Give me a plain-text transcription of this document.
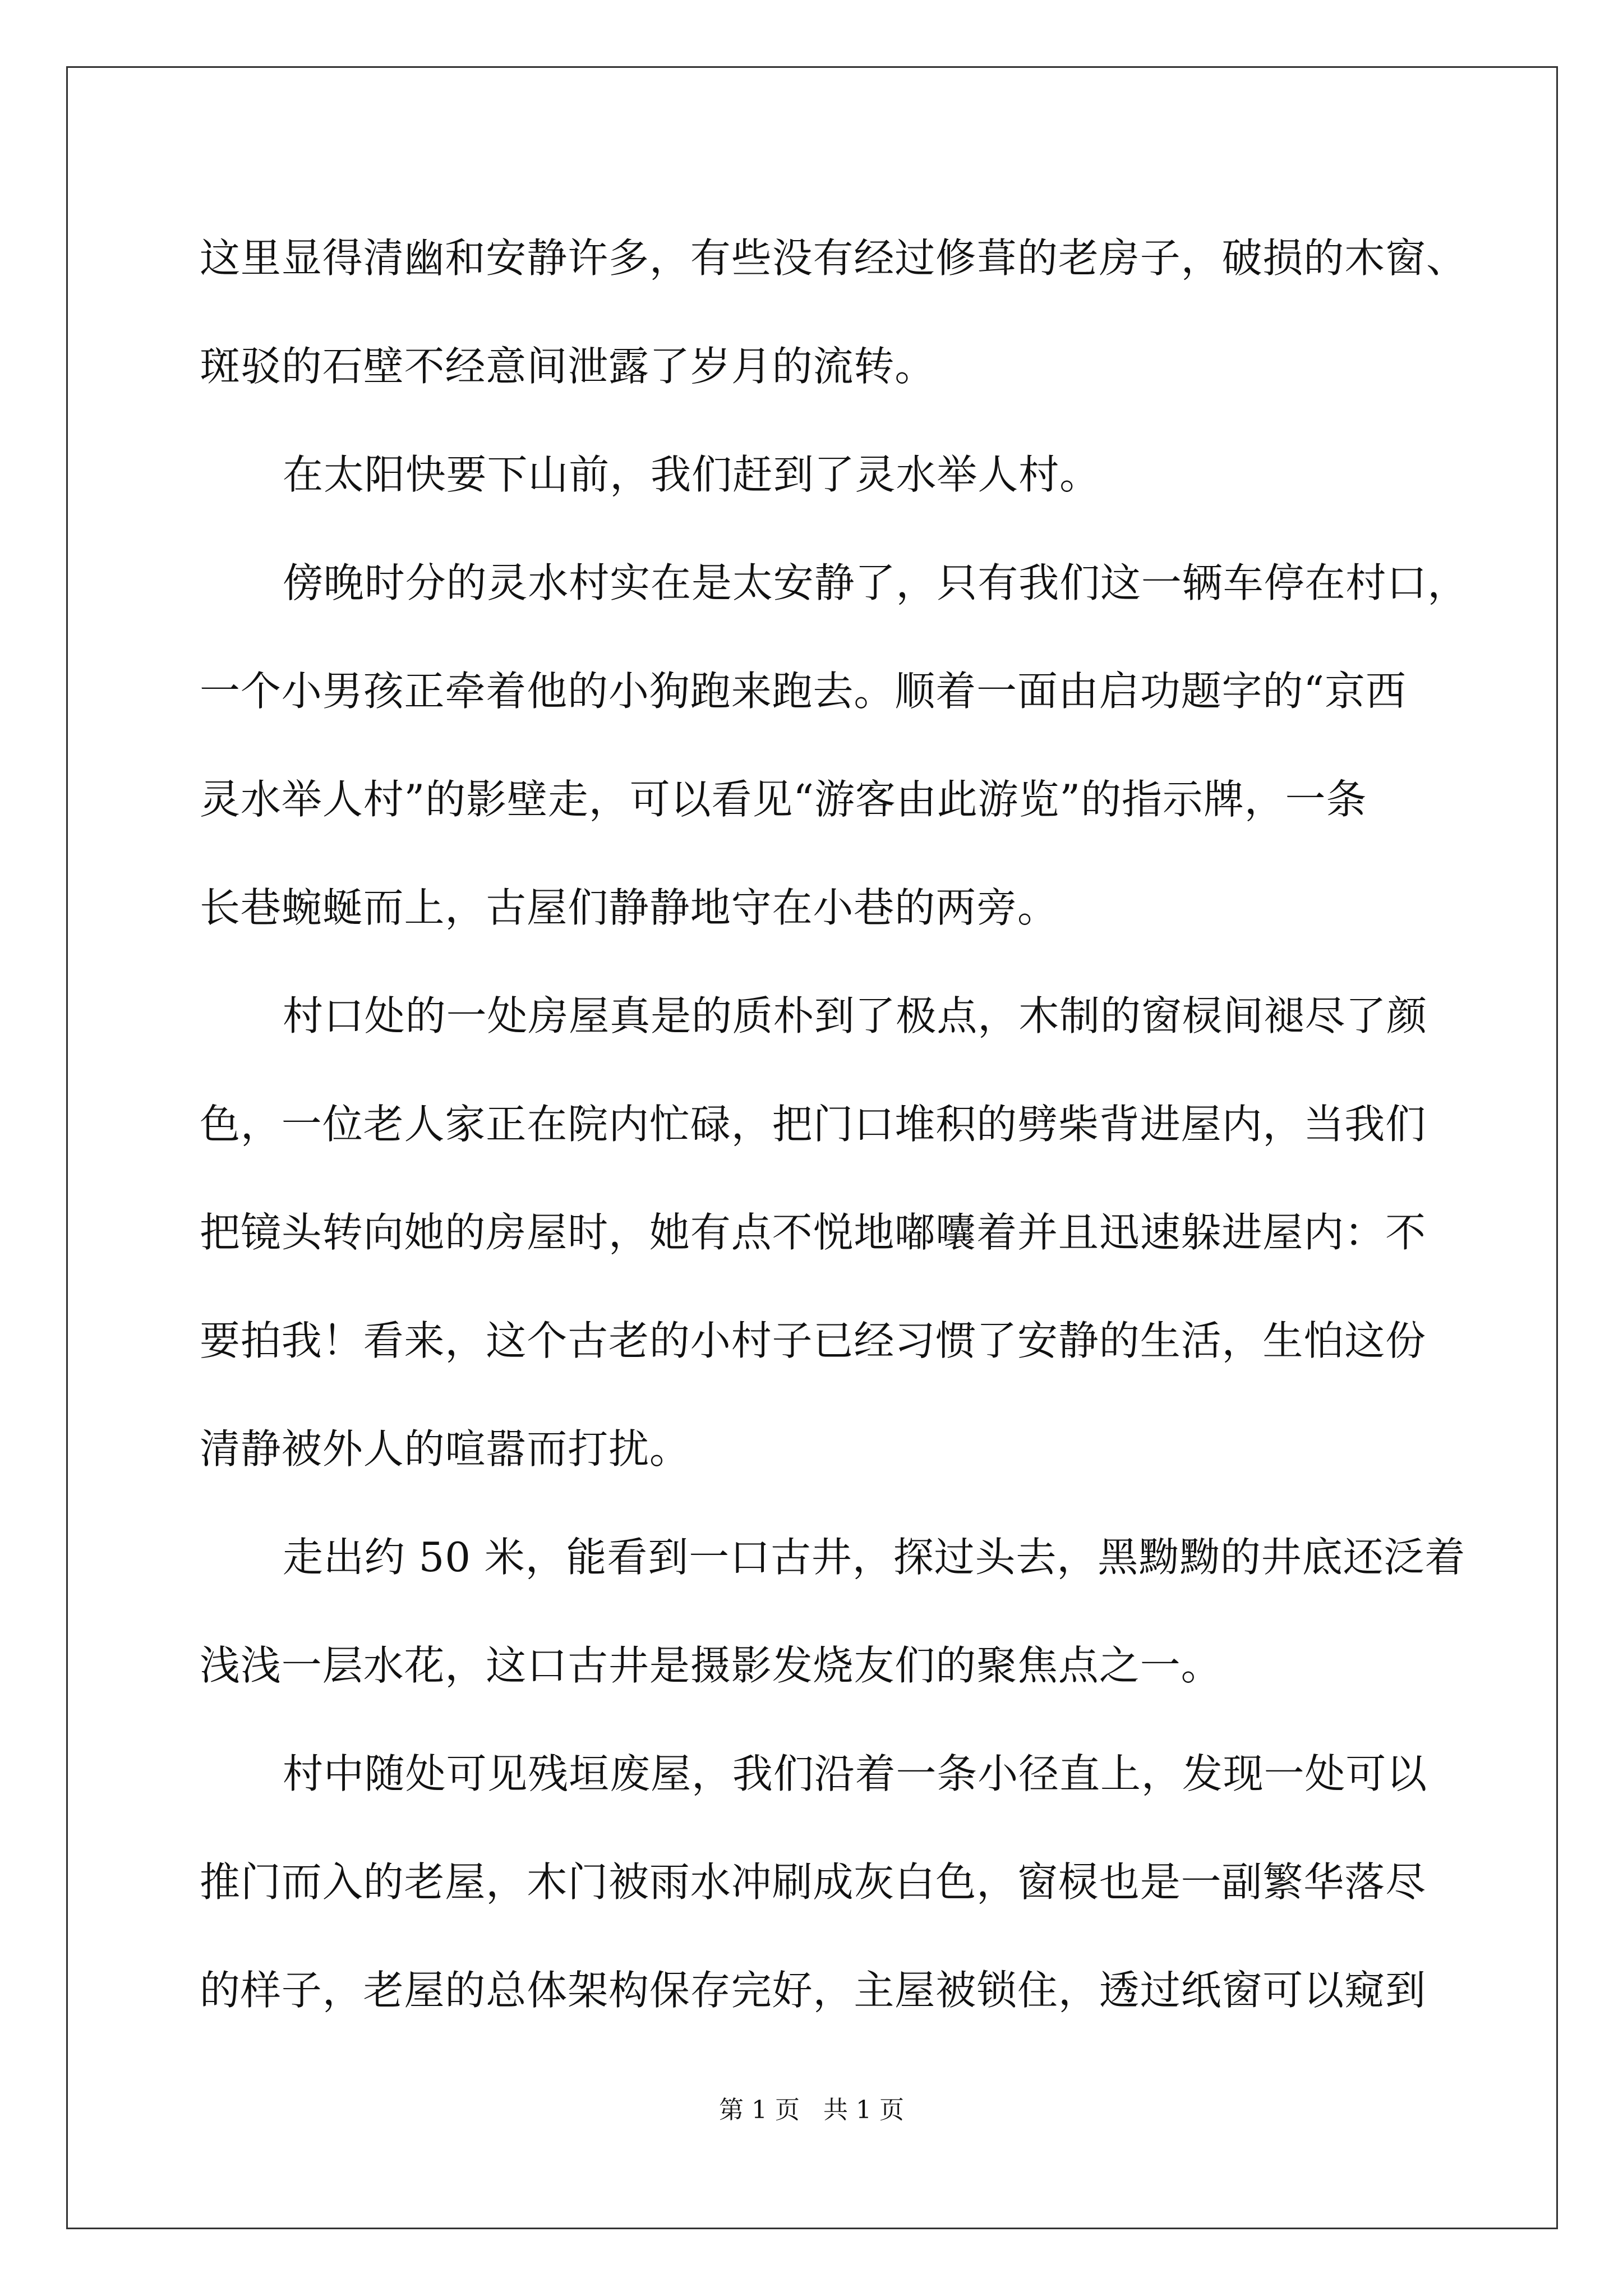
这里显得清幽和安静许多，有些没有经过修葺的老房子，破损的木窗、
斑驳的石壁不经意间泄露了岁月的流转。
在太阳快要下山前，我们赶到了灵水举人村。
傍晚时分的灵水村实在是太安静了，只有我们这一辆车停在村口，
一个小男孩正牵着他的小狗跑来跑去。顺着一面由启功题字的“京西
灵水举人村”的影壁走，可以看见“游客由此游览”的指示牌，一条
长巷蜿蜒而上，古屋们静静地守在小巷的两旁。
村口处的一处房屋真是的质朴到了极点，木制的窗棂间褪尽了颜
色，一位老人家正在院内忙碌，把门口堆积的劈柴背进屋内，当我们
把镜头转向她的房屋时，她有点不悦地嘟囔着并且迅速躲进屋内：不
要拍我！看来，这个古老的小村子已经习惯了安静的生活，生怕这份
清静被外人的喧嚣而打扰。
走出约 50 米，能看到一口古井，探过头去，黑黝黝的井底还泛着
浅浅一层水花，这口古井是摄影发烧友们的聚焦点之一。
村中随处可见残垣废屋，我们沿着一条小径直上，发现一处可以
推门而入的老屋，木门被雨水冲刷成灰白色，窗棂也是一副繁华落尽
的样子，老屋的总体架构保存完好，主屋被锁住，透过纸窗可以窥到
第 1 页   共 1 页
